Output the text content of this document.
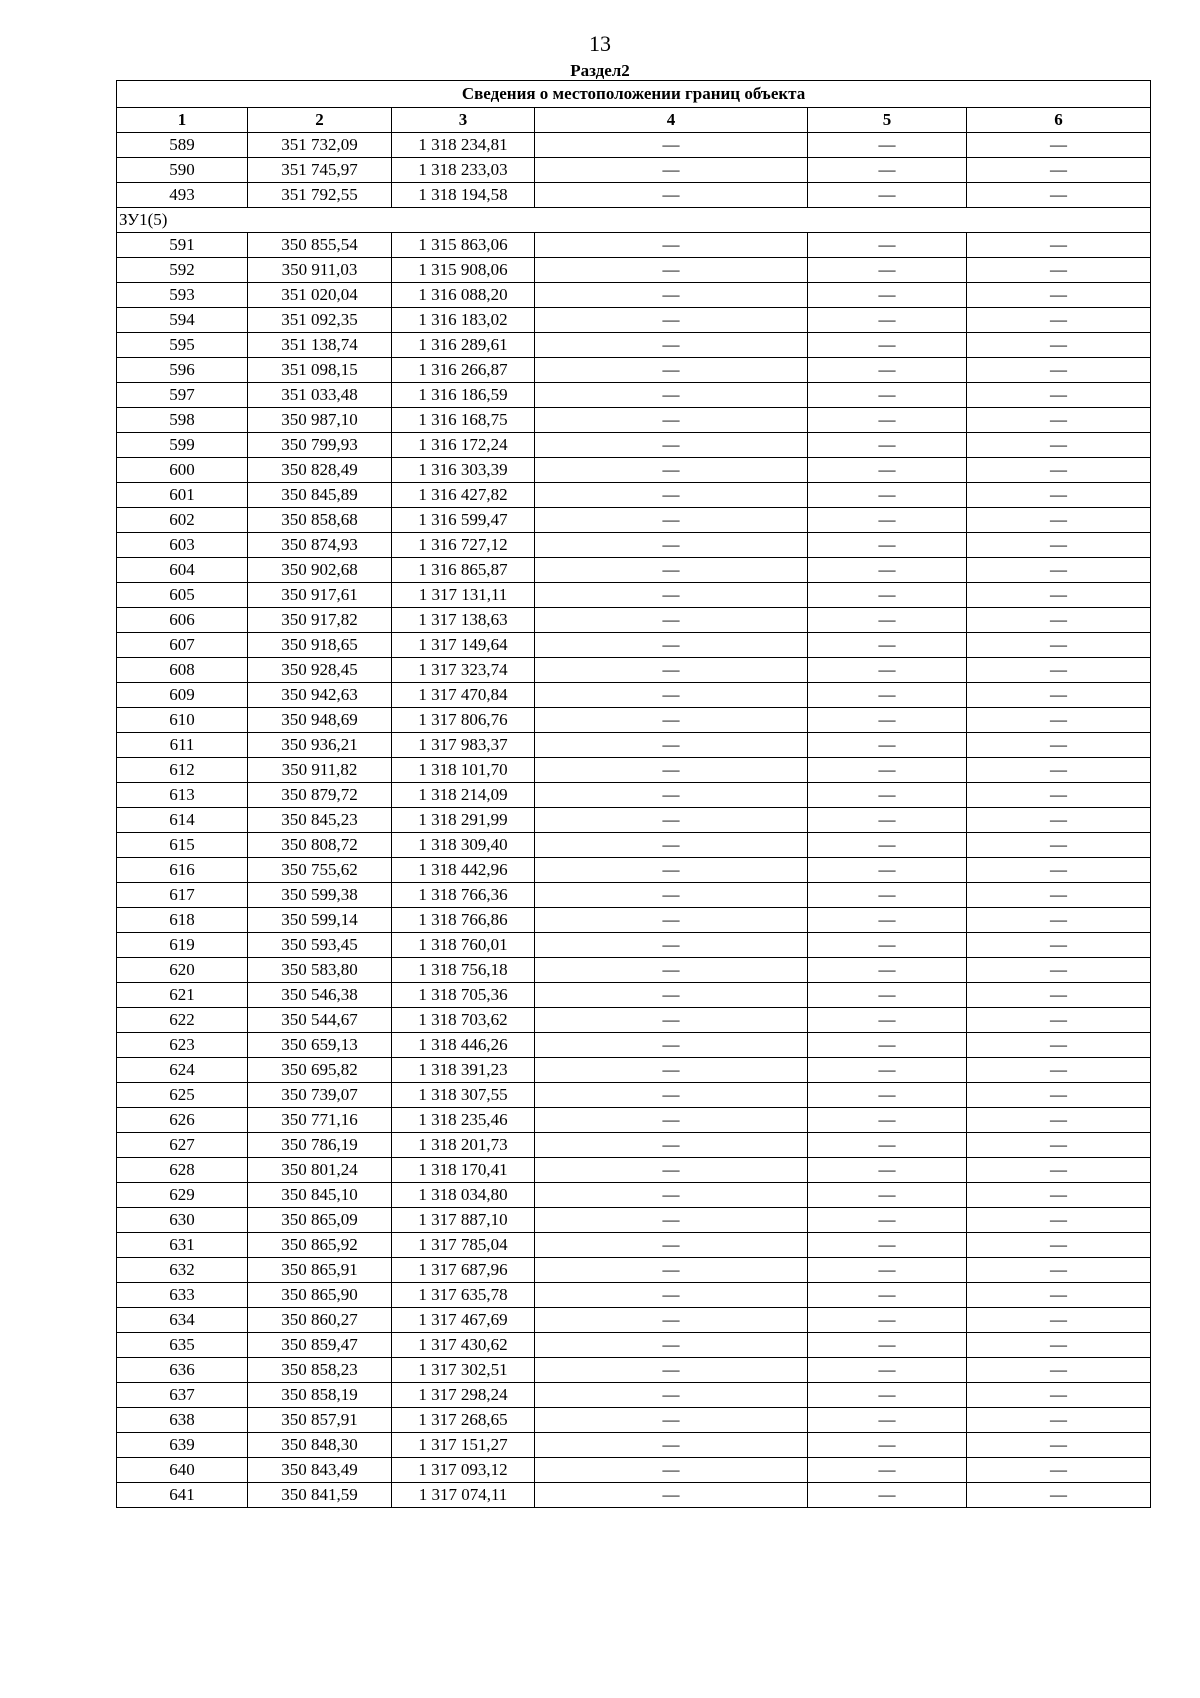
13
Раздел2
Сведения о местоположении границ объекта					
1	2	3	4	5	6
589	351 732,09	1 318 234,81	—	—	—
590	351 745,97	1 318 233,03	—	—	—
493	351 792,55	1 318 194,58	—	—	—
ЗУ1(5)					
591	350 855,54	1 315 863,06	—	—	—
592	350 911,03	1 315 908,06	—	—	—
593	351 020,04	1 316 088,20	—	—	—
594	351 092,35	1 316 183,02	—	—	—
595	351 138,74	1 316 289,61	—	—	—
596	351 098,15	1 316 266,87	—	—	—
597	351 033,48	1 316 186,59	—	—	—
598	350 987,10	1 316 168,75	—	—	—
599	350 799,93	1 316 172,24	—	—	—
600	350 828,49	1 316 303,39	—	—	—
601	350 845,89	1 316 427,82	—	—	—
602	350 858,68	1 316 599,47	—	—	—
603	350 874,93	1 316 727,12	—	—	—
604	350 902,68	1 316 865,87	—	—	—
605	350 917,61	1 317 131,11	—	—	—
606	350 917,82	1 317 138,63	—	—	—
607	350 918,65	1 317 149,64	—	—	—
608	350 928,45	1 317 323,74	—	—	—
609	350 942,63	1 317 470,84	—	—	—
610	350 948,69	1 317 806,76	—	—	—
611	350 936,21	1 317 983,37	—	—	—
612	350 911,82	1 318 101,70	—	—	—
613	350 879,72	1 318 214,09	—	—	—
614	350 845,23	1 318 291,99	—	—	—
615	350 808,72	1 318 309,40	—	—	—
616	350 755,62	1 318 442,96	—	—	—
617	350 599,38	1 318 766,36	—	—	—
618	350 599,14	1 318 766,86	—	—	—
619	350 593,45	1 318 760,01	—	—	—
620	350 583,80	1 318 756,18	—	—	—
621	350 546,38	1 318 705,36	—	—	—
622	350 544,67	1 318 703,62	—	—	—
623	350 659,13	1 318 446,26	—	—	—
624	350 695,82	1 318 391,23	—	—	—
625	350 739,07	1 318 307,55	—	—	—
626	350 771,16	1 318 235,46	—	—	—
627	350 786,19	1 318 201,73	—	—	—
628	350 801,24	1 318 170,41	—	—	—
629	350 845,10	1 318 034,80	—	—	—
630	350 865,09	1 317 887,10	—	—	—
631	350 865,92	1 317 785,04	—	—	—
632	350 865,91	1 317 687,96	—	—	—
633	350 865,90	1 317 635,78	—	—	—
634	350 860,27	1 317 467,69	—	—	—
635	350 859,47	1 317 430,62	—	—	—
636	350 858,23	1 317 302,51	—	—	—
637	350 858,19	1 317 298,24	—	—	—
638	350 857,91	1 317 268,65	—	—	—
639	350 848,30	1 317 151,27	—	—	—
640	350 843,49	1 317 093,12	—	—	—
641	350 841,59	1 317 074,11	—	—	—
